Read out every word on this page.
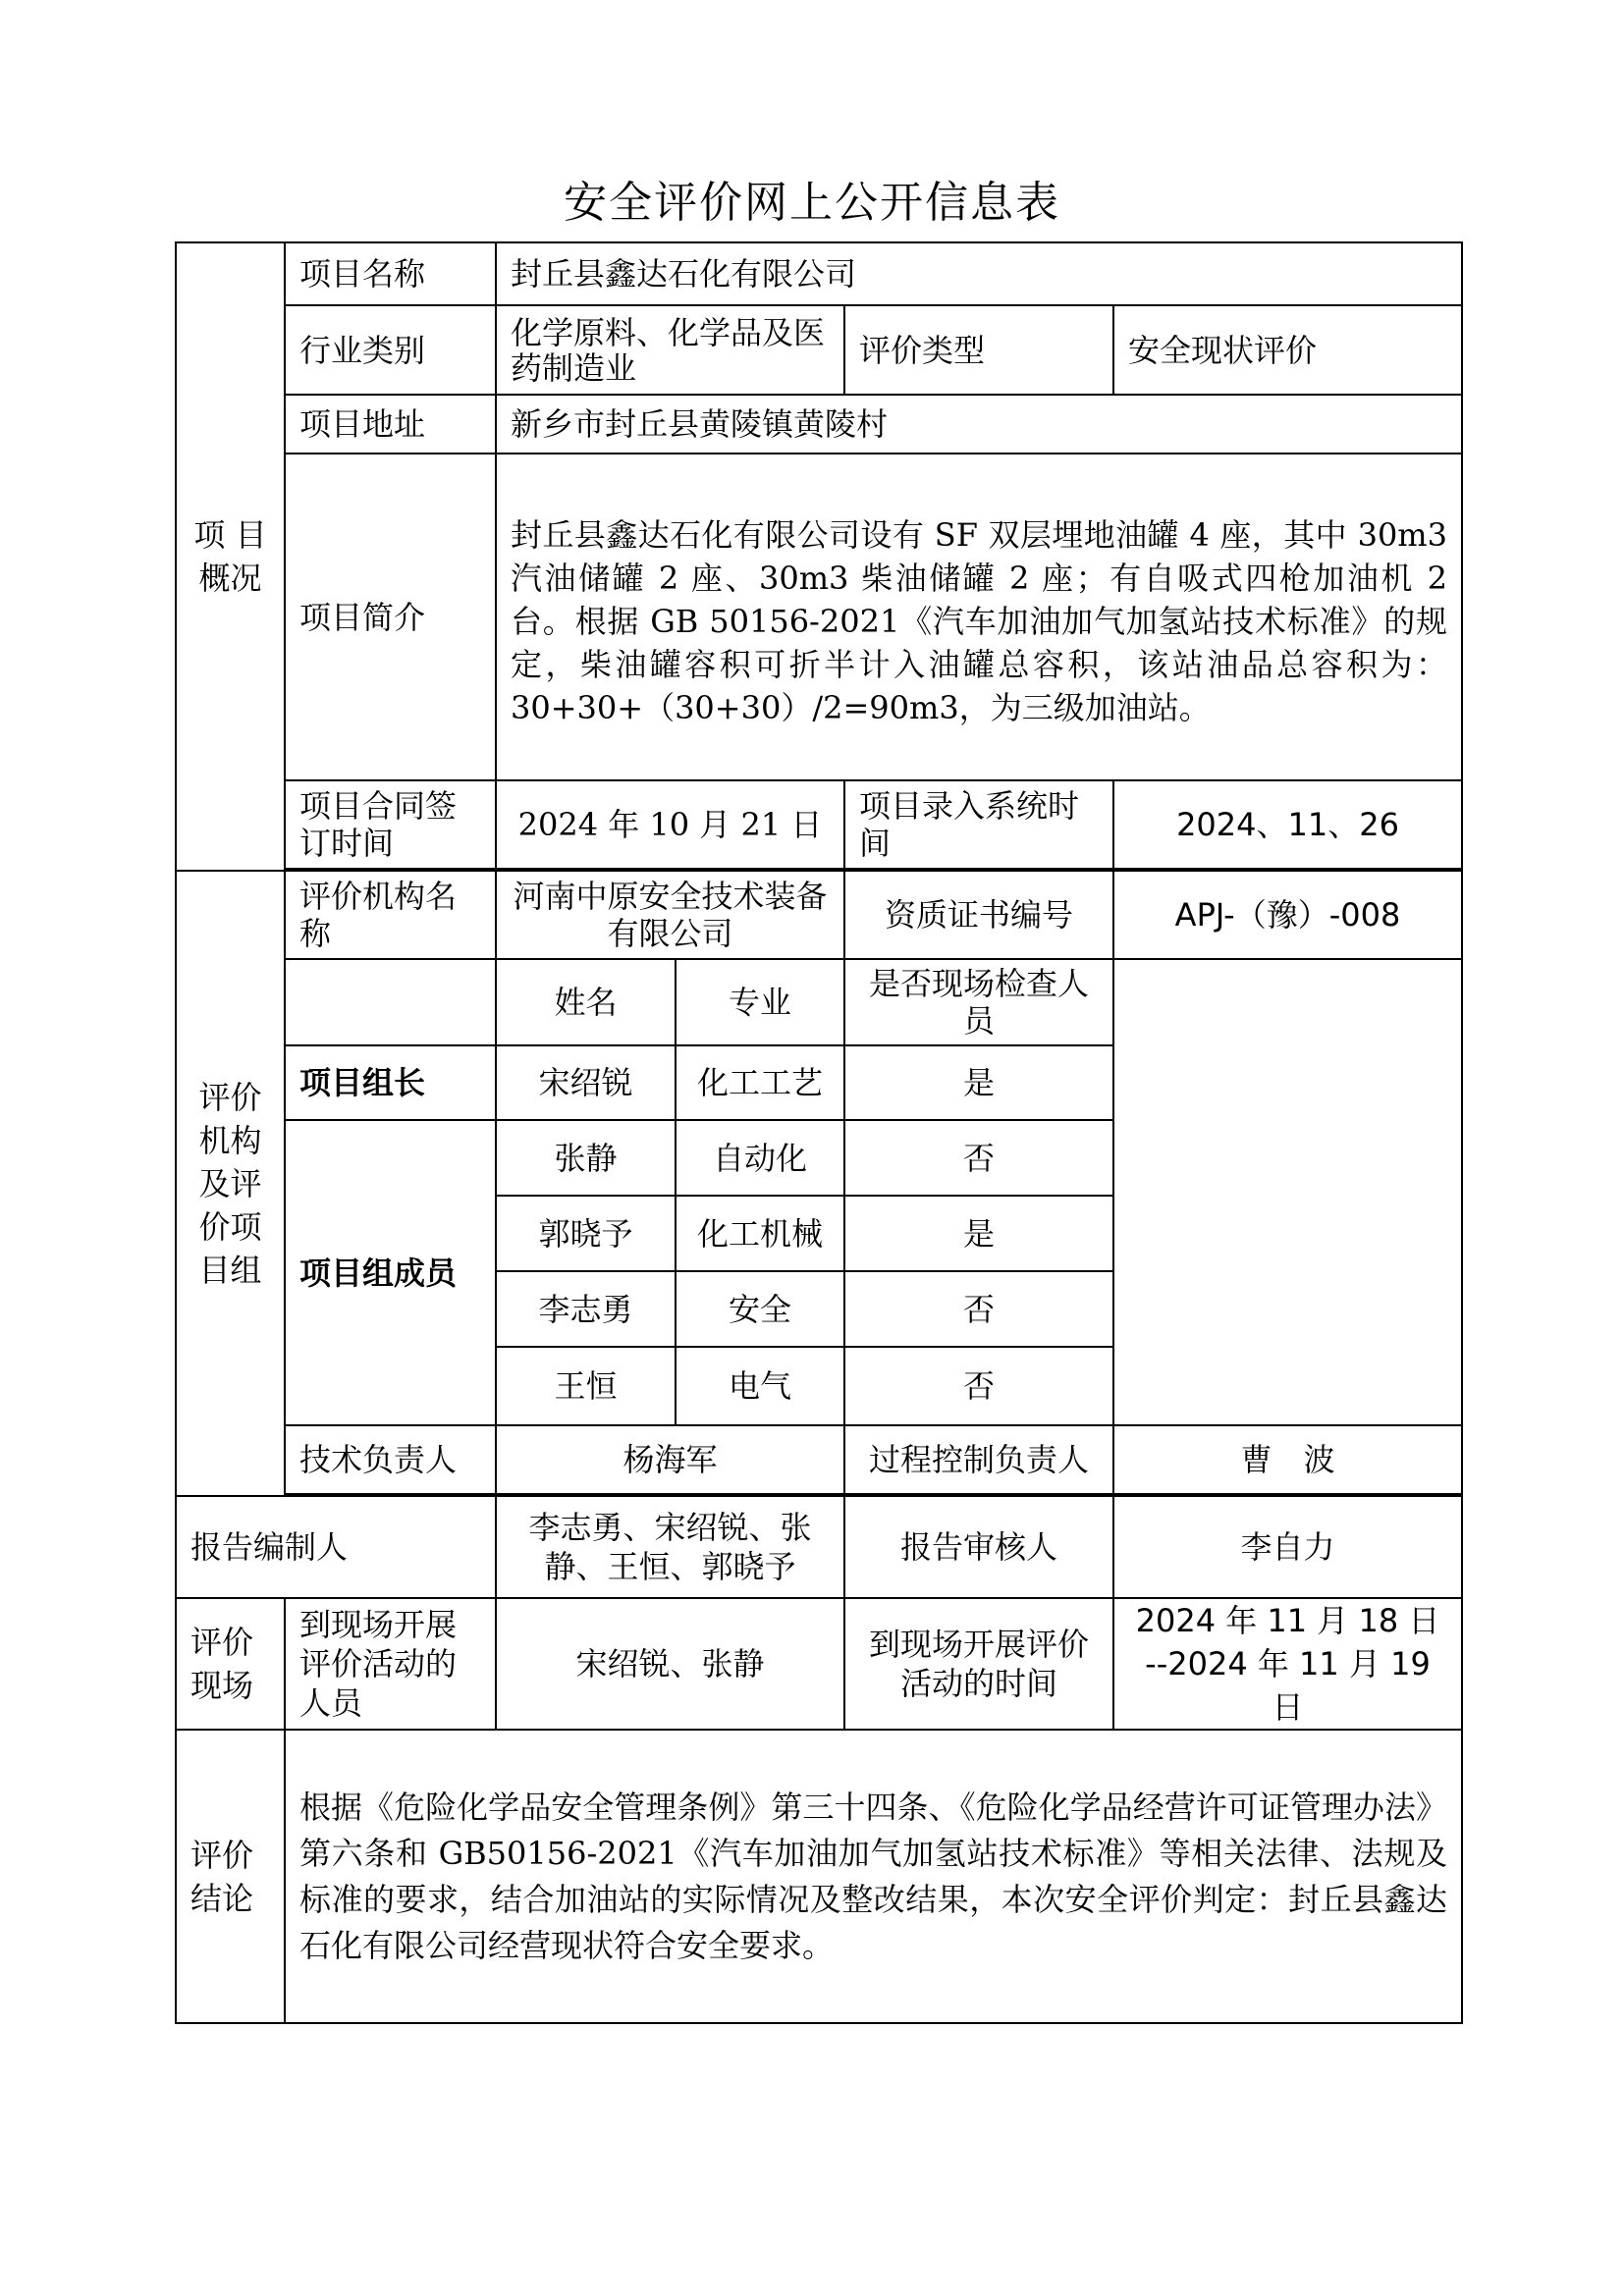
安全评价网上公开信息表
项 目
概况	项目名称	封丘县鑫达石化有限公司			
	行业类别	化学原料、化学品及医药制造业		评价类型	安全现状评价
	项目地址	新乡市封丘县黄陵镇黄陵村			
	项目简介	封丘县鑫达石化有限公司设有 SF 双层埋地油罐 4 座，其中 30m3 汽油储罐 2 座、30m3 柴油储罐 2 座；有自吸式四枪加油机 2 台。根据 GB 50156-2021《汽车加油加气加氢站技术标准》的规定，柴油罐容积可折半计入油罐总容积，该站油品总容积为：30+30+（30+30）/2=90m3，为三级加油站。			
	项目合同签订时间	2024 年 10 月 21 日		项目录入系统时间	2024、11、26

评价
机构
及评
价项
目组	评价机构名称	河南中原安全技术装备有限公司		资质证书编号	APJ-（豫）-008
		姓名	专业	是否现场检查人员	
	项目组长	宋绍锐	化工工艺	是	
	项目组成员	张静	自动化	否	
		郭晓予	化工机械	是	
		李志勇	安全	否	
		王恒	电气	否	
	技术负责人	杨海军		过程控制负责人	曹　波

报告编制人		李志勇、宋绍锐、张静、王恒、郭晓予		报告审核人	李自力
评价
现场	到现场开展评价活动的人员	宋绍锐、张静		到现场开展评价活动的时间	2024 年 11 月 18 日
--2024 年 11 月 19 日
评价
结论	根据《危险化学品安全管理条例》第三十四条、《危险化学品经营许可证管理办法》第六条和 GB50156-2021《汽车加油加气加氢站技术标准》等相关法律、法规及标准的要求，结合加油站的实际情况及整改结果，本次安全评价判定：封丘县鑫达石化有限公司经营现状符合安全要求。				
